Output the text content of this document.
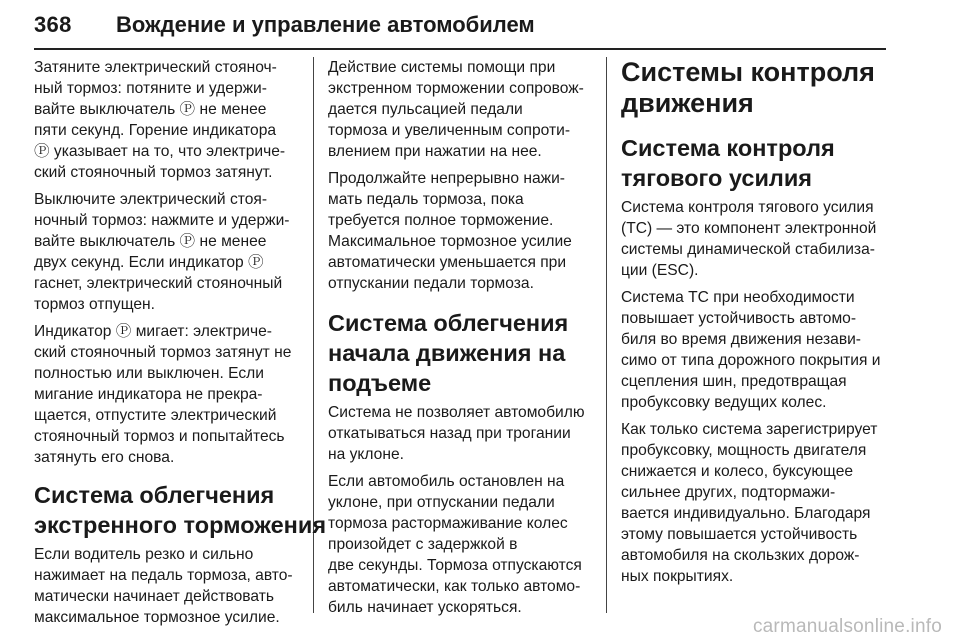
368 Вождение и управление автомобилем
Затяните электрический стояноч-
ный тормоз: потяните и удержи-
вайте выключатель Ⓟ не менее
пяти секунд. Горение индикатора
Ⓟ указывает на то, что электриче-
ский стояночный тормоз затянут.
Выключите электрический стоя-
ночный тормоз: нажмите и удержи-
вайте выключатель Ⓟ не менее
двух секунд. Если индикатор Ⓟ
гаснет, электрический стояночный
тормоз отпущен.
Индикатор Ⓟ мигает: электриче-
ский стояночный тормоз затянут не
полностью или выключен. Если
мигание индикатора не прекра-
щается, отпустите электрический
стояночный тормоз и попытайтесь
затянуть его снова.
Система облегчения
экстренного торможения
Если водитель резко и сильно
нажимает на педаль тормоза, авто-
матически начинает действовать
максимальное тормозное усилие.
Действие системы помощи при
экстренном торможении сопровож-
дается пульсацией педали
тормоза и увеличенным сопроти-
влением при нажатии на нее.
Продолжайте непрерывно нажи-
мать педаль тормоза, пока
требуется полное торможение.
Максимальное тормозное усилие
автоматически уменьшается при
отпускании педали тормоза.
Система облегчения
начала движения на
подъеме
Система не позволяет автомобилю
откатываться назад при трогании
на уклоне.
Если автомобиль остановлен на
уклоне, при отпускании педали
тормоза растормаживание колес
произойдет с задержкой в
две секунды. Тормоза отпускаются
автоматически, как только автомо-
биль начинает ускоряться.
Системы контроля
движения
Система контроля
тягового усилия
Система контроля тягового усилия
(TC) — это компонент электронной
системы динамической стабилиза-
ции (ESC).
Система TC при необходимости
повышает устойчивость автомо-
биля во время движения незави-
симо от типа дорожного покрытия и
сцепления шин, предотвращая
пробуксовку ведущих колес.
Как только система зарегистрирует
пробуксовку, мощность двигателя
снижается и колесо, буксующее
сильнее других, подтормажи-
вается индивидуально. Благодаря
этому повышается устойчивость
автомобиля на скользких дорож-
ных покрытиях.
carmanualsonline.info
